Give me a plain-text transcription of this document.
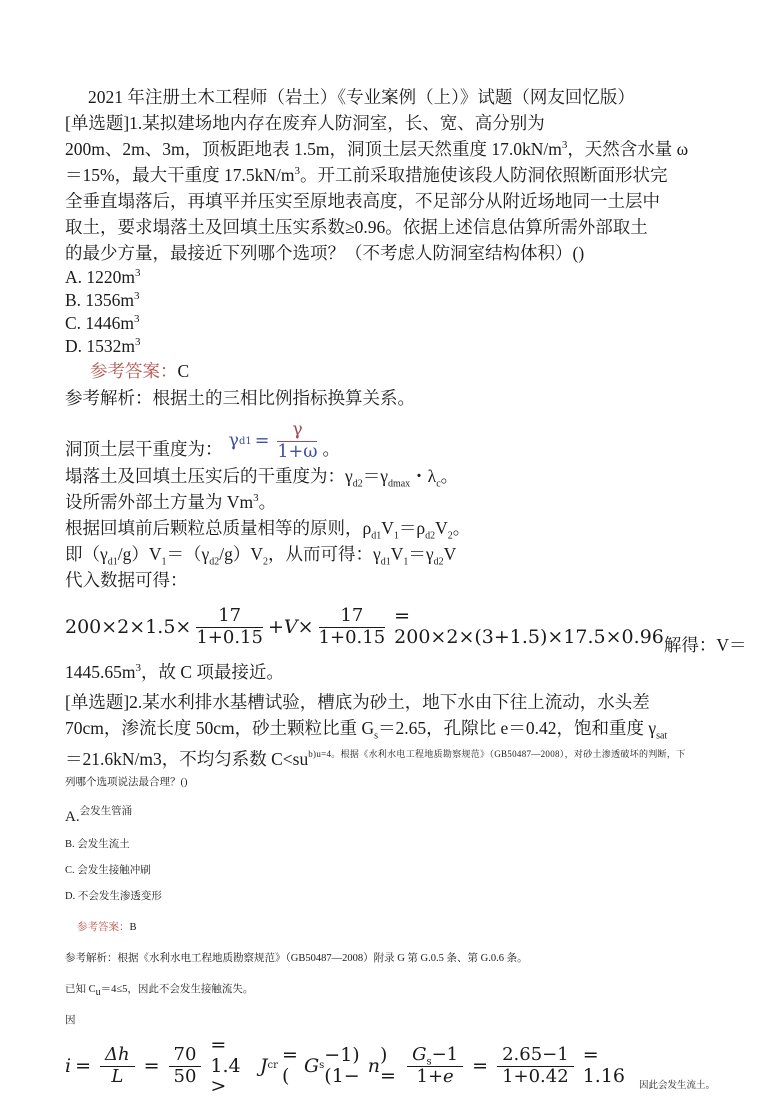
2021 年注册土木工程师（岩土）《专业案例（上）》试题（网友回忆版）

[单选题]1.某拟建场地内存在废弃人防洞室，长、宽、高分别为

200m、2m、3m，顶板距地表 1.5m，洞顶土层天然重度 $17.0kN/m^3$，天然含水量 ω

＝15%，最大干重度 $17.5kN/m^3$。开工前采取措施使该段人防洞依照断面形状完

全垂直塌落后，再填平并压实至原地表高度，不足部分从附近场地同一土层中

取土，要求塌落土及回填土压实系数≥0.96。依据上述信息估算所需外部取土

的最少方量，最接近下列哪个选项？（不考虑人防洞室结构体积）()

A. $1220m^3$

B. $1356m^3$

C. $1446m^3$

D. $1532m^3$

参考答案：C

参考解析：根据土的三相比例指标换算关系。

洞顶土层干重度为： γ $d1 = \frac{\gamma}{1+\omega}$ 。

塌落土及回填土压实后的干重度为：$\gamma_{d2}=\gamma_{dmax}$・$\lambda_c$。

设所需外部土方量为 Vm$^3$。

根据回填前后颗粒总质量相等的原则，$\rho_{d1}V_1=\rho_{d2}V_2$。

即$(\gamma_{d1}/g)V_1=(\gamma_{d2}/g)V_2$，从而可得：$\gamma_{d1}V_1=\gamma_{d2}V$

代入数据可得：

$200\times 2\times 1.5\times \frac{17}{1+0.15} + V \times \frac{17}{1+0.15} = 200\times 2\times(3+1.5)\times 17.5\times 0.96$ 解得：V＝

$1445.65m^3$，故 C 项最接近。

[单选题]2.某水利排水基槽试验，槽底为砂土，地下水由下往上流动，水头差

70cm，渗流长度 50cm，砂土颗粒比重 $G_s=2.65$，孔隙比 e＝0.42，饱和重度 $\gamma_{sat}$

＝21.6kN/m3，不均匀系数 $C<su^{b)u=4。根据《水利水电工程地质勘察规范》(GB50487—2008),对砂土渗透破坏的判断,下}$

列哪个选项说法最合理？()

A.$^{会发生管涌}$

B. 会发生流土

C. 会发生接触冲刷

D. 不会发生渗透变形

参考答案：B

参考解析：根据《水利水电工程地质勘察规范》（GB50487—2008）附录 G 第 G.0.5 条、第 G.0.6 条。

已知 Cu＝4≤5，因此不会发生接触流失。

因

$i = \frac{\Delta h}{L} = \frac{70}{50}$
= 1.4 >
J cr = ( G s −1)(1− n ) = $\frac{G_s-1}{1+e} = \frac{2.65-1}{1+0.42} = 1.16$ 因此会发生流土。
